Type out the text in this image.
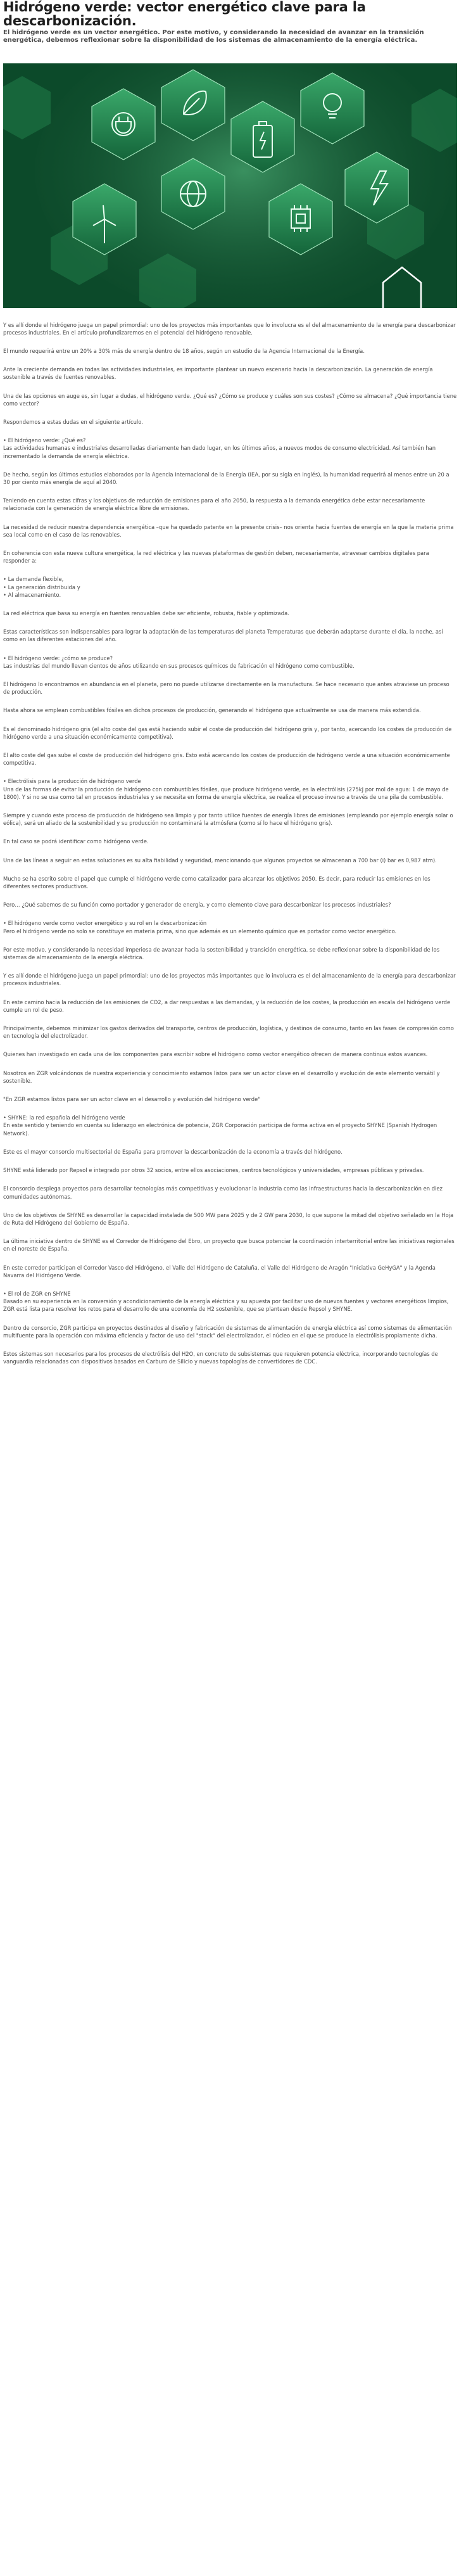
Hidrógeno verde: vector energético clave para la descarbonización.

El hidrógeno verde es un vector energético. Por este motivo, y considerando la necesidad de avanzar en la transición energética, debemos reflexionar sobre la disponibilidad de los sistemas de almacenamiento de la energía eléctrica.

Y es allí donde el hidrógeno juega un papel primordial: uno de los proyectos más importantes que lo involucra es el del almacenamiento de la energía para descarbonizar procesos industriales. En el artículo profundizaremos en el potencial del hidrógeno renovable.

El mundo requerirá entre un 20% a 30% más de energía dentro de 18 años, según un estudio de la Agencia Internacional de la Energía.

Ante la creciente demanda en todas las actividades industriales, es importante plantear un nuevo escenario hacia la descarbonización. La generación de energía sostenible a través de fuentes renovables.

Una de las opciones en auge es, sin lugar a dudas, el hidrógeno verde. ¿Qué es? ¿Cómo se produce y cuáles son sus costes? ¿Cómo se almacena? ¿Qué importancia tiene como vector?

Respondemos a estas dudas en el siguiente artículo.

• El hidrógeno verde: ¿Qué es?

Las actividades humanas e industriales desarrolladas diariamente han dado lugar, en los últimos años, a nuevos modos de consumo electricidad. Así también han incrementado la demanda de energía eléctrica.

De hecho, según los últimos estudios elaborados por la Agencia Internacional de la Energía (IEA, por su sigla en inglés), la humanidad requerirá al menos entre un 20 a 30 por ciento más energía de aquí al 2040.

Teniendo en cuenta estas cifras y los objetivos de reducción de emisiones para el año 2050, la respuesta a la demanda energética debe estar necesariamente relacionada con la generación de energía eléctrica libre de emisiones.

La necesidad de reducir nuestra dependencia energética –que ha quedado patente en la presente crisis– nos orienta hacia fuentes de energía en la que la materia prima sea local como en el caso de las renovables.

En coherencia con esta nueva cultura energética, la red eléctrica y las nuevas plataformas de gestión deben, necesariamente, atravesar cambios digitales para responder a:

• La demanda flexible,

• La generación distribuida y

• Al almacenamiento.

La red eléctrica que basa su energía en fuentes renovables debe ser eficiente, robusta, fiable y optimizada.

Estas características son indispensables para lograr la adaptación de las temperaturas del planeta Temperaturas que deberán adaptarse durante el día, la noche, así como en las diferentes estaciones del año.

• El hidrógeno verde: ¿cómo se produce?

Las industrias del mundo llevan cientos de años utilizando en sus procesos químicos de fabricación el hidrógeno como combustible.

El hidrógeno lo encontramos en abundancia en el planeta, pero no puede utilizarse directamente en la manufactura. Se hace necesario que antes atraviese un proceso de producción.

Hasta ahora se emplean combustibles fósiles en dichos procesos de producción, generando el hidrógeno que actualmente se usa de manera más extendida.

Es el denominado hidrógeno gris (el alto coste del gas está haciendo subir el coste de producción del hidrógeno gris y, por tanto, acercando los costes de producción de hidrógeno verde a una situación económicamente competitiva).

El alto coste del gas sube el coste de producción del hidrógeno gris. Esto está acercando los costes de producción de hidrógeno verde a una situación económicamente competitiva.

• Electrólisis para la producción de hidrógeno verde

Una de las formas de evitar la producción de hidrógeno con combustibles fósiles, que produce hidrógeno verde, es la electrólisis (275kJ por mol de agua: 1 de mayo de 1800). Y si no se usa como tal en procesos industriales y se necesita en forma de energía eléctrica, se realiza el proceso inverso a través de una pila de combustible.

Siempre y cuando este proceso de producción de hidrógeno sea limpio y por tanto utilice fuentes de energía libres de emisiones (empleando por ejemplo energía solar o eólica), será un aliado de la sostenibilidad y su producción no contaminará la atmósfera (como sí lo hace el hidrógeno gris).

En tal caso se podrá identificar como hidrógeno verde.

Una de las líneas a seguir en estas soluciones es su alta fiabilidad y seguridad, mencionando que algunos proyectos se almacenan a 700 bar (i) bar es 0,987 atm).

Mucho se ha escrito sobre el papel que cumple el hidrógeno verde como catalizador para alcanzar los objetivos 2050. Es decir, para reducir las emisiones en los diferentes sectores productivos.

Pero… ¿Qué sabemos de su función como portador y generador de energía, y como elemento clave para descarbonizar los procesos industriales?

• El hidrógeno verde como vector energético y su rol en la descarbonización

Pero el hidrógeno verde no solo se constituye en materia prima, sino que además es un elemento químico que es portador como vector energético.

Por este motivo, y considerando la necesidad imperiosa de avanzar hacia la sostenibilidad y transición energética, se debe reflexionar sobre la disponibilidad de los sistemas de almacenamiento de la energía eléctrica.

Y es allí donde el hidrógeno juega un papel primordial: uno de los proyectos más importantes que lo involucra es el del almacenamiento de la energía para descarbonizar procesos industriales.

En este camino hacia la reducción de las emisiones de CO2, a dar respuestas a las demandas, y la reducción de los costes, la producción en escala del hidrógeno verde cumple un rol de peso.

Principalmente, debemos minimizar los gastos derivados del transporte, centros de producción, logística, y destinos de consumo, tanto en las fases de compresión como en tecnología del electrolizador.

Quienes han investigado en cada una de los componentes para escribir sobre el hidrógeno como vector energético ofrecen de manera continua estos avances.

Nosotros en ZGR volcándonos de nuestra experiencia y conocimiento estamos listos para ser un actor clave en el desarrollo y evolución de este elemento versátil y sostenible.

"En ZGR estamos listos para ser un actor clave en el desarrollo y evolución del hidrógeno verde"

• SHYNE: la red española del hidrógeno verde

En este sentido y teniendo en cuenta su liderazgo en electrónica de potencia, ZGR Corporación participa de forma activa en el proyecto SHYNE (Spanish Hydrogen Network).

Este es el mayor consorcio multisectorial de España para promover la descarbonización de la economía a través del hidrógeno.

SHYNE está liderado por Repsol e integrado por otros 32 socios, entre ellos asociaciones, centros tecnológicos y universidades, empresas públicas y privadas.

El consorcio desplega proyectos para desarrollar tecnologías más competitivas y evolucionar la industria como las infraestructuras hacia la descarbonización en diez comunidades autónomas.

Uno de los objetivos de SHYNE es desarrollar la capacidad instalada de 500 MW para 2025 y de 2 GW para 2030, lo que supone la mitad del objetivo señalado en la Hoja de Ruta del Hidrógeno del Gobierno de España.

La última iniciativa dentro de SHYNE es el Corredor de Hidrógeno del Ebro, un proyecto que busca potenciar la coordinación interterritorial entre las iniciativas regionales en el noreste de España.

En este corredor participan el Corredor Vasco del Hidrógeno, el Valle del Hidrógeno de Cataluña, el Valle del Hidrógeno de Aragón "Iniciativa GeHyGA" y la Agenda Navarra del Hidrógeno Verde.

• El rol de ZGR en SHYNE

Basado en su experiencia en la conversión y acondicionamiento de la energía eléctrica y su apuesta por facilitar uso de nuevos fuentes y vectores energéticos limpios, ZGR está lista para resolver los retos para el desarrollo de una economía de H2 sostenible, que se plantean desde Repsol y SHYNE.

Dentro de consorcio, ZGR participa en proyectos destinados al diseño y fabricación de sistemas de alimentación de energía eléctrica así como sistemas de alimentación multifuente para la operación con máxima eficiencia y factor de uso del "stack" del electrolizador, el núcleo en el que se produce la electrólisis propiamente dicha.

Estos sistemas son necesarios para los procesos de electrólisis del H2O, en concreto de subsistemas que requieren potencia eléctrica, incorporando tecnologías de vanguardia relacionadas con dispositivos basados en Carburo de Silicio y nuevas topologías de convertidores de CDC.
